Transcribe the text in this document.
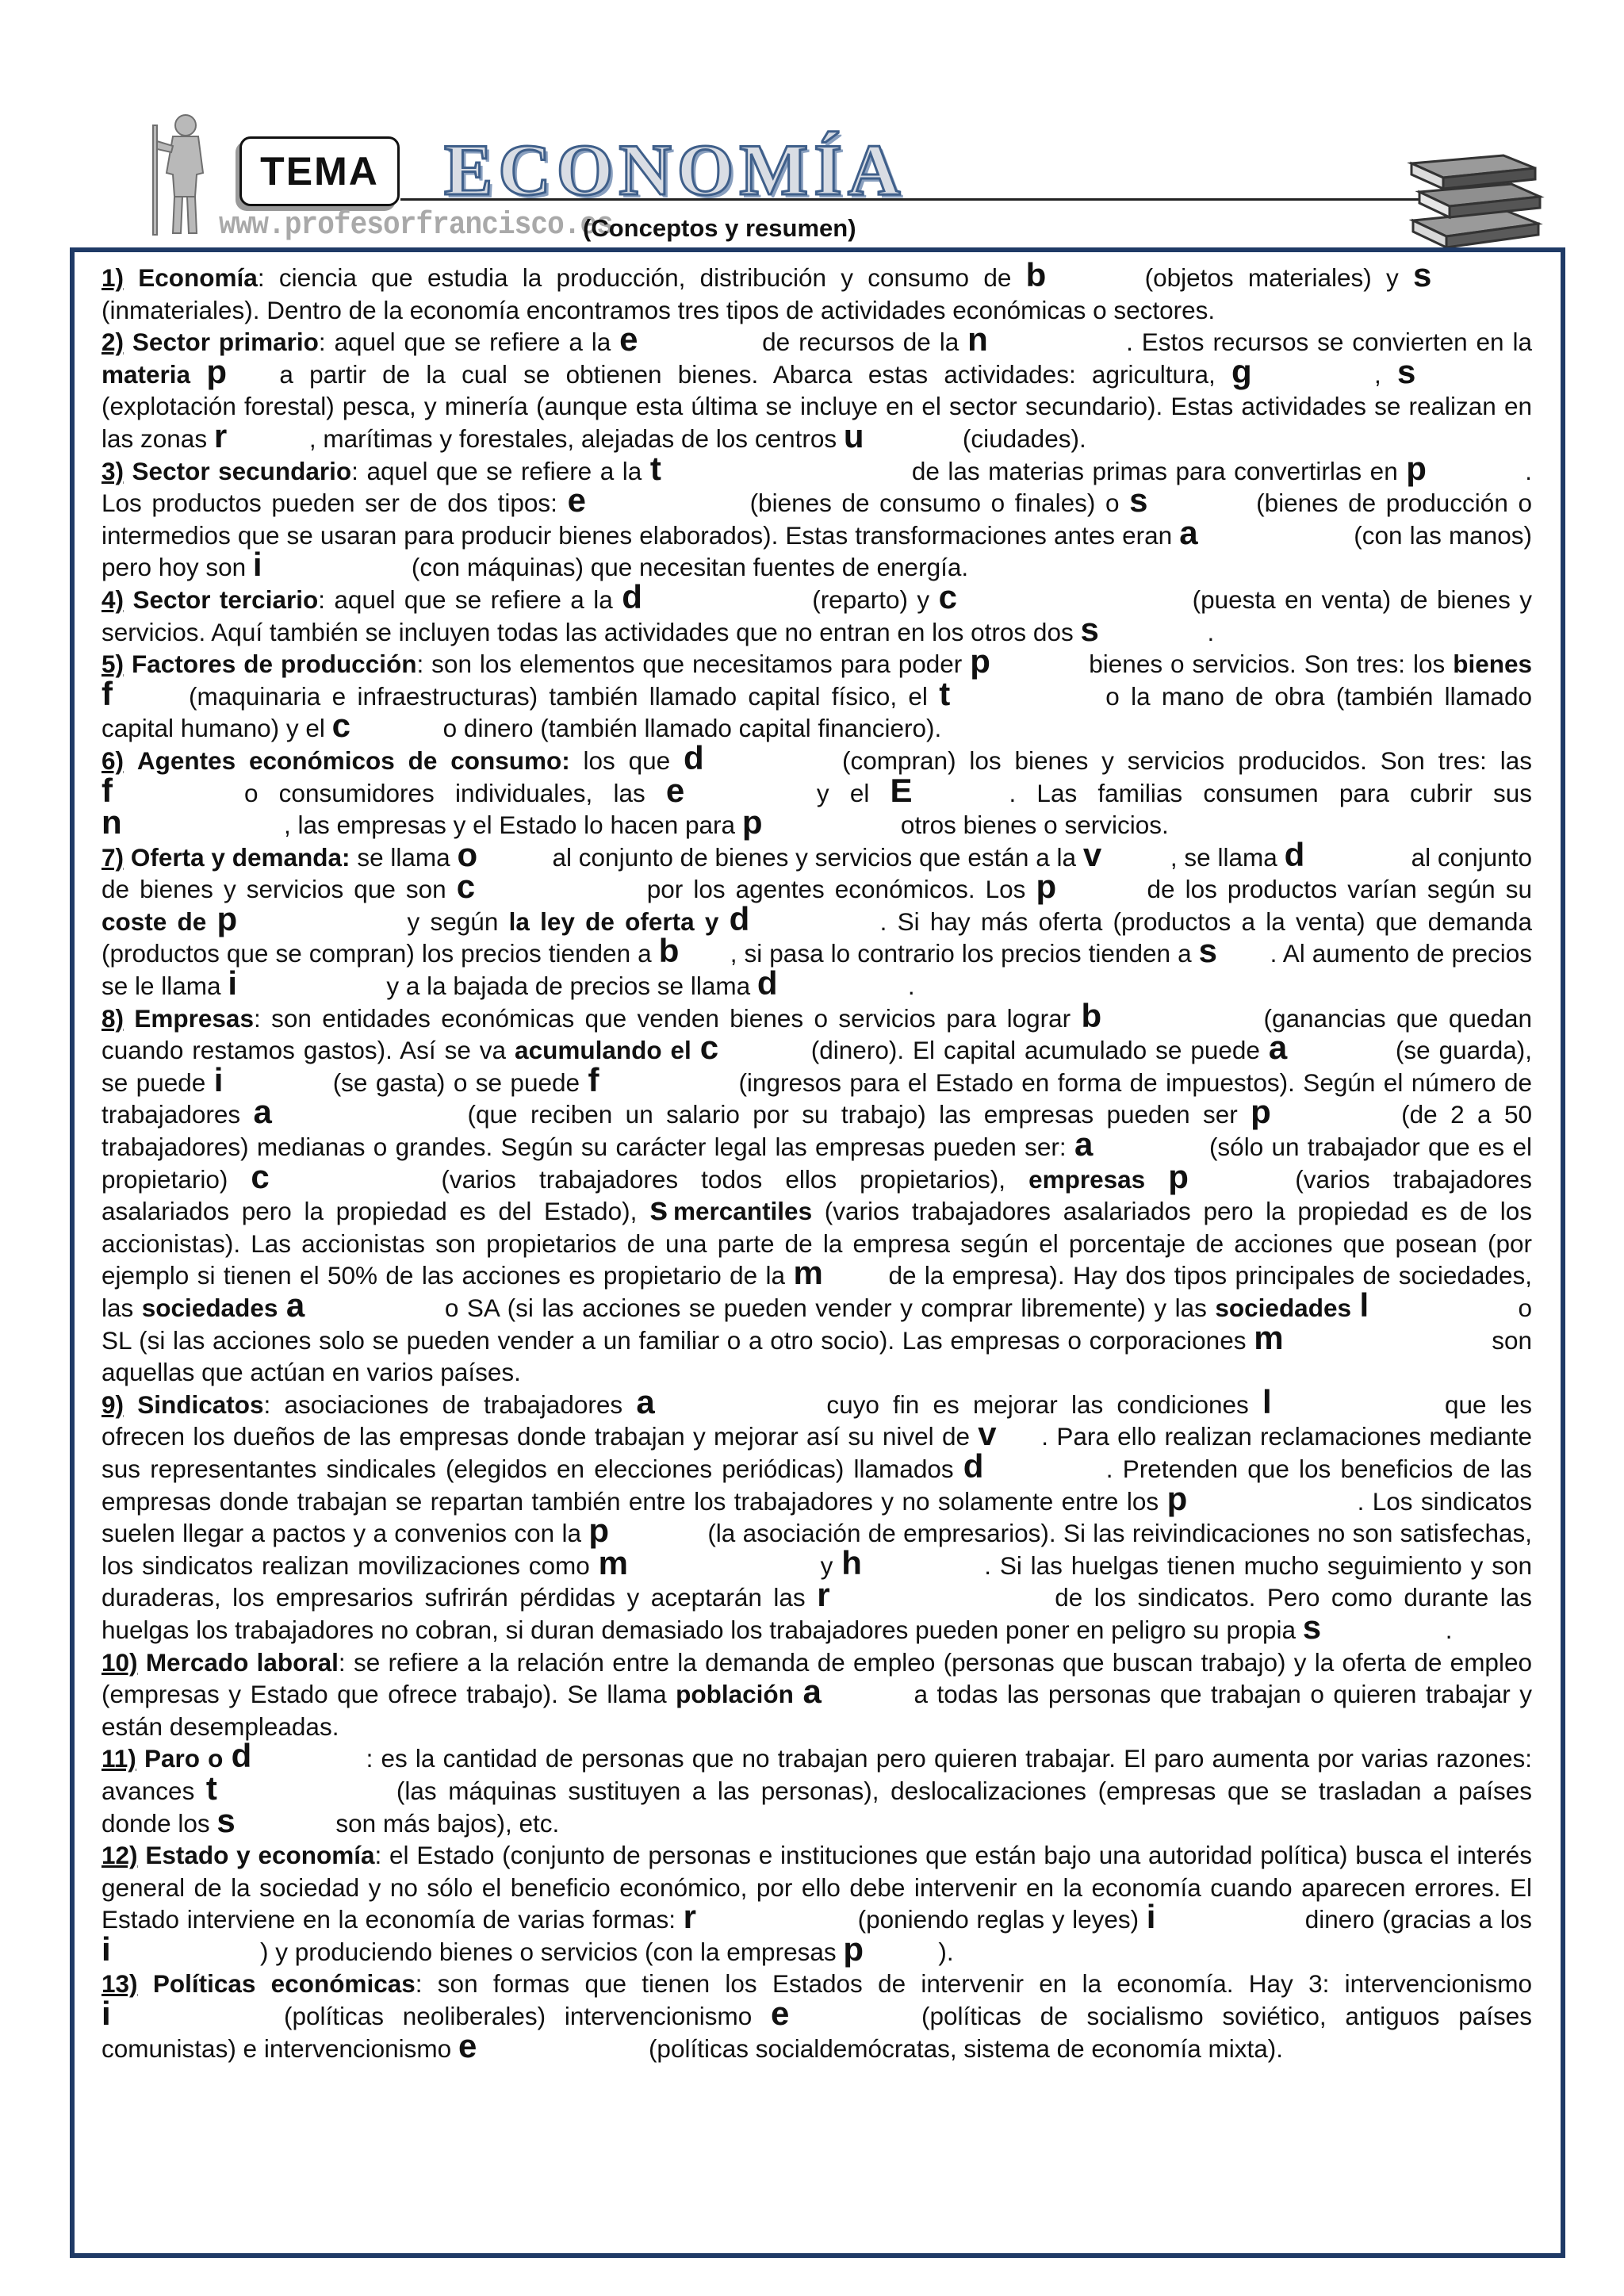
TEMA ECONOMÍA
www.profesorfrancisco.es
(Conceptos y resumen)

1) Economía: ciencia que estudia la producción, distribución y consumo de b	(objetos materiales) y s(inmateriales). Dentro de la economía encontramos tres tipos de actividades económicas o sectores.

2) Sector primario: aquel que se refiere a la e	de recursos de la n	. Estos recursos se convierten en la materia p a partir de la cual se obtienen bienes. Abarca estas actividades: agricultura, g	, s(explotación forestal) pesca, y minería (aunque esta última se incluye en el sector secundario). Estas actividades se realizan en las zonas r	, marítimas y forestales, alejadas de los centros u	(ciudades).

3) Sector secundario: aquel que se refiere a la t	de las materias primas para convertirlas en p	. Los productos pueden ser de dos tipos: e	(bienes de consumo o finales) o s	(bienes de producción o intermedios que se usaran para producir bienes elaborados). Estas transformaciones antes eran a	(con las manos) pero hoy son i	(con máquinas) que necesitan fuentes de energía.

4) Sector terciario: aquel que se refiere a la d	(reparto) y c	(puesta en venta) de bienes y servicios. Aquí también se incluyen todas las actividades que no entran en los otros dos s	.

5) Factores de producción: son los elementos que necesitamos para poder p	bienes o servicios. Son tres: los bienes f	(maquinaria e infraestructuras) también llamado capital físico, el t	o la mano de obra (también llamado capital humano) y el c	o dinero (también llamado capital financiero).

6) Agentes económicos de consumo: los que d	(compran) los bienes y servicios producidos. Son tres: las f	o consumidores individuales, las e	y el E	. Las familias consumen para cubrir sus n	, las empresas y el Estado lo hacen para p	otros bienes o servicios.

7) Oferta y demanda: se llama o	al conjunto de bienes y servicios que están a la v	, se llama d	al conjunto de bienes y servicios que son c	por los agentes económicos. Los p	de los productos varían según su coste de p	y según la ley de oferta y d	. Si hay más oferta (productos a la venta) que demanda (productos que se compran) los precios tienden a b , si pasa lo contrario los precios tienden a s . Al aumento de precios se le llama i	y a la bajada de precios se llama d	.

8) Empresas: son entidades económicas que venden bienes o servicios para lograr b	(ganancias que quedan cuando restamos gastos). Así se va acumulando el c	(dinero). El capital acumulado se puede a	(se guarda), se puede i	(se gasta) o se puede f	(ingresos para el Estado en forma de impuestos). Según el número de trabajadores a	(que reciben un salario por su trabajo) las empresas pueden ser p	(de 2 a 50 trabajadores) medianas o grandes. Según su carácter legal las empresas pueden ser: a	(sólo un trabajador que es el propietario) c	(varios trabajadores todos ellos propietarios), empresas p	(varios trabajadores asalariados pero la propiedad es del Estado), s mercantiles (varios trabajadores asalariados pero la propiedad es de los accionistas). Las accionistas son propietarios de una parte de la empresa según el porcentaje de acciones que posean (por ejemplo si tienen el 50% de las acciones es propietario de la m	de la empresa). Hay dos tipos principales de sociedades, las sociedades a	o SA (si las acciones se pueden vender y comprar libremente) y las sociedades l	o SL (si las acciones solo se pueden vender a un familiar o a otro socio). Las empresas o corporaciones m	son aquellas que actúan en varios países.

9) Sindicatos: asociaciones de trabajadores a	cuyo fin es mejorar las condiciones l	que les ofrecen los dueños de las empresas donde trabajan y mejorar así su nivel de v . Para ello realizan reclamaciones mediante sus representantes sindicales (elegidos en elecciones periódicas) llamados d	. Pretenden que los beneficios de las empresas donde trabajan se repartan también entre los trabajadores y no solamente entre los p	. Los sindicatos suelen llegar a pactos y a convenios con la p	(la asociación de empresarios). Si las reivindicaciones no son satisfechas, los sindicatos realizan movilizaciones como m	y h	. Si las huelgas tienen mucho seguimiento y son duraderas, los empresarios sufrirán pérdidas y aceptarán las r	de los sindicatos. Pero como durante las huelgas los trabajadores no cobran, si duran demasiado los trabajadores pueden poner en peligro su propia s	.

10) Mercado laboral: se refiere a la relación entre la demanda de empleo (personas que buscan trabajo) y la oferta de empleo (empresas y Estado que ofrece trabajo). Se llama población a	a todas las personas que trabajan o quieren trabajar y están desempleadas.

11) Paro o d	: es la cantidad de personas que no trabajan pero quieren trabajar. El paro aumenta por varias razones: avances t	(las máquinas sustituyen a las personas), deslocalizaciones (empresas que se trasladan a países donde los s	son más bajos), etc.

12) Estado y economía: el Estado (conjunto de personas e instituciones que están bajo una autoridad política) busca el interés general de la sociedad y no sólo el beneficio económico, por ello debe intervenir en la economía cuando aparecen errores. El Estado interviene en la economía de varias formas: r	(poniendo reglas y leyes) i	dinero (gracias a los i	) y produciendo bienes o servicios (con la empresas p	).

13) Políticas económicas: son formas que tienen los Estados de intervenir en la economía. Hay 3: intervencionismo i	(políticas neoliberales) intervencionismo e	(políticas de socialismo soviético, antiguos países comunistas) e intervencionismo e	(políticas socialdemócratas, sistema de economía mixta).
